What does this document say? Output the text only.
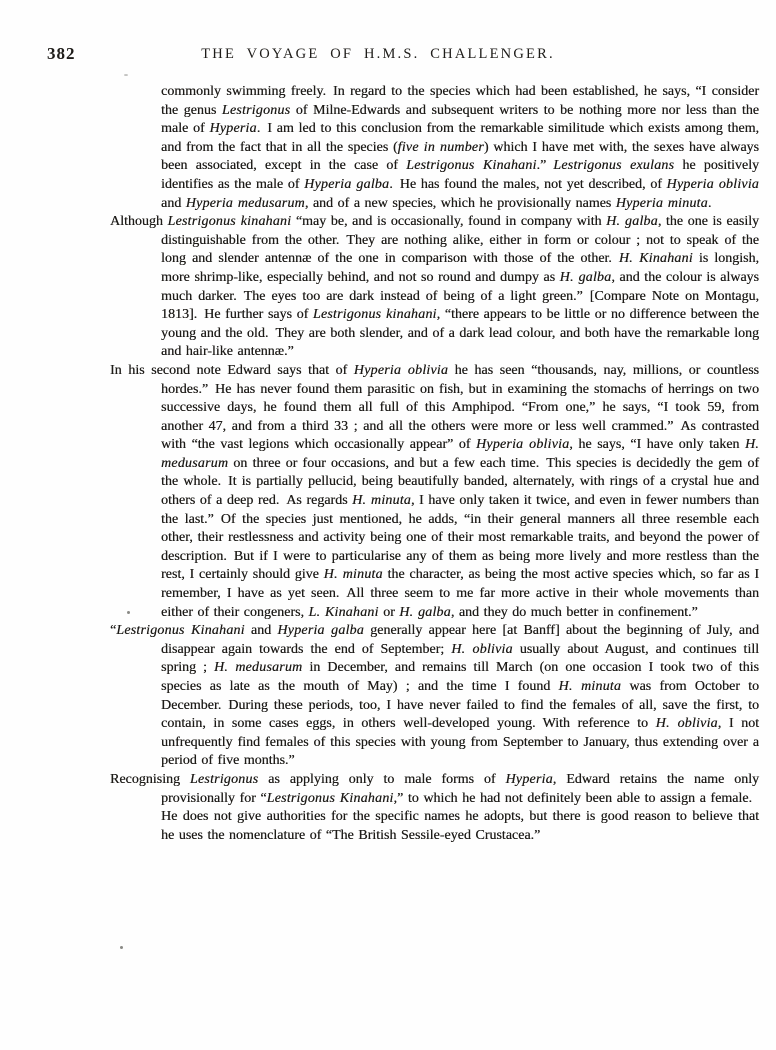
382	THE VOYAGE OF H.M.S. CHALLENGER.

commonly swimming freely. In regard to the species which had been established, he says, “I consider the genus Lestrigonus of Milne-Edwards and subsequent writers to be nothing more nor less than the male of Hyperia. I am led to this conclusion from the remarkable similitude which exists among them, and from the fact that in all the species (five in number) which I have met with, the sexes have always been associated, except in the case of Lestrigonus Kinahani.” Lestrigonus exulans he positively identifies as the male of Hyperia galba. He has found the males, not yet described, of Hyperia oblivia and Hyperia medusarum, and of a new species, which he provisionally names Hyperia minuta.

Although Lestrigonus kinahani “may be, and is occasionally, found in company with H. galba, the one is easily distinguishable from the other. They are nothing alike, either in form or colour ; not to speak of the long and slender antennæ of the one in comparison with those of the other. H. Kinahani is longish, more shrimp-like, especially behind, and not so round and dumpy as H. galba, and the colour is always much darker. The eyes too are dark instead of being of a light green.” [Compare Note on Montagu, 1813]. He further says of Lestrigonus kinahani, “there appears to be little or no difference between the young and the old. They are both slender, and of a dark lead colour, and both have the remarkable long and hair-like antennæ.”

In his second note Edward says that of Hyperia oblivia he has seen “thousands, nay, millions, or countless hordes.” He has never found them parasitic on fish, but in examining the stomachs of herrings on two successive days, he found them all full of this Amphipod. “From one,” he says, “I took 59, from another 47, and from a third 33 ; and all the others were more or less well crammed.” As contrasted with “the vast legions which occasionally appear” of Hyperia oblivia, he says, “I have only taken H. medusarum on three or four occasions, and but a few each time. This species is decidedly the gem of the whole. It is partially pellucid, being beautifully banded, alternately, with rings of a crystal hue and others of a deep red. As regards H. minuta, I have only taken it twice, and even in fewer numbers than the last.” Of the species just mentioned, he adds, “in their general manners all three resemble each other, their restlessness and activity being one of their most remarkable traits, and beyond the power of description. But if I were to particularise any of them as being more lively and more restless than the rest, I certainly should give H. minuta the character, as being the most active species which, so far as I remember, I have as yet seen. All three seem to me far more active in their whole movements than either of their congeners, L. Kinahani or H. galba, and they do much better in confinement.”

“Lestrigonus Kinahani and Hyperia galba generally appear here [at Banff] about the beginning of July, and disappear again towards the end of September; H. oblivia usually about August, and continues till spring ; H. medusarum in December, and remains till March (on one occasion I took two of this species as late as the mouth of May) ; and the time I found H. minuta was from October to December. During these periods, too, I have never failed to find the females of all, save the first, to contain, in some cases eggs, in others well-developed young. With reference to H. oblivia, I not unfrequently find females of this species with young from September to January, thus extending over a period of five months.”

Recognising Lestrigonus as applying only to male forms of Hyperia, Edward retains the name only provisionally for “Lestrigonus Kinahani,” to which he had not definitely been able to assign a female. He does not give authorities for the specific names he adopts, but there is good reason to believe that he uses the nomenclature of “The British Sessile-eyed Crustacea.”
